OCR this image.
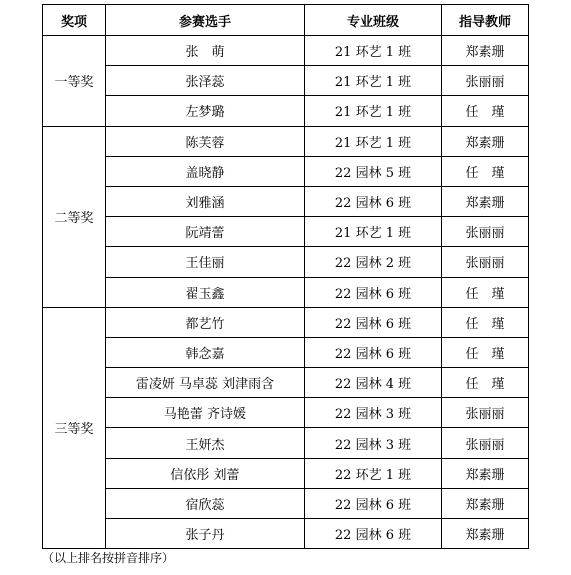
奖项	参赛选手	专业班级	指导教师
一等奖	张　萌	21 环艺 1 班	郑素珊
	张泽蕊	21 环艺 1 班	张丽丽
	左梦璐	21 环艺 1 班	任　瑾
二等奖	陈芙蓉	21 环艺 1 班	郑素珊
	盖晓静	22 园林 5 班	任　瑾
	刘雅涵	22 园林 6 班	郑素珊
	阮靖蕾	21 环艺 1 班	张丽丽
	王佳丽	22 园林 2 班	张丽丽
	翟玉鑫	22 园林 6 班	任　瑾
三等奖	都艺竹	22 园林 6 班	任　瑾
	韩念嘉	22 园林 6 班	任　瑾
	雷凌妍 马卓蕊 刘津雨含	22 园林 4 班	任　瑾
	马艳蕾 齐诗媛	22 园林 3 班	张丽丽
	王妍杰	22 园林 3 班	张丽丽
	信依彤 刘蕾	22 环艺 1 班	郑素珊
	宿欣蕊	22 园林 6 班	郑素珊
	张子丹	22 园林 6 班	郑素珊
（以上排名按拼音排序）
